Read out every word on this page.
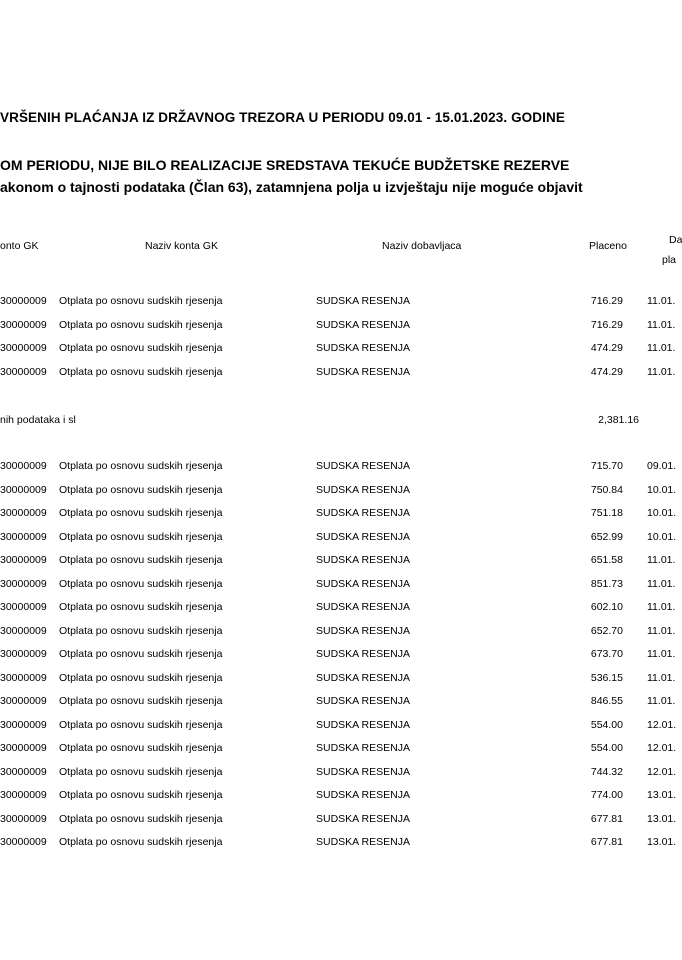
VRŠENIH PLAĆANJA IZ DRŽAVNOG TREZORA U PERIODU 09.01 - 15.01.2023. GODINE
OM PERIODU, NIJE BILO REALIZACIJE SREDSTAVA TEKUĆE BUDŽETSKE REZERVE
akonom o tajnosti podataka (Član 63), zatamnjena polja u izvještaju nije moguće objavit
onto GK	Naziv konta GK	Naziv dobavljaca	Placeno	Da
pla
30000009 Otplata po osnovu sudskih rjesenja	SUDSKA RESENJA	716.29 11.01.
30000009 Otplata po osnovu sudskih rjesenja	SUDSKA RESENJA	716.29 11.01.
30000009 Otplata po osnovu sudskih rjesenja	SUDSKA RESENJA	474.29 11.01.
30000009 Otplata po osnovu sudskih rjesenja	SUDSKA RESENJA	474.29 11.01.
nih podataka i sl	2,381.16
30000009 Otplata po osnovu sudskih rjesenja	SUDSKA RESENJA	715.70 09.01.
30000009 Otplata po osnovu sudskih rjesenja	SUDSKA RESENJA	750.84 10.01.
30000009 Otplata po osnovu sudskih rjesenja	SUDSKA RESENJA	751.18 10.01.
30000009 Otplata po osnovu sudskih rjesenja	SUDSKA RESENJA	652.99 10.01.
30000009 Otplata po osnovu sudskih rjesenja	SUDSKA RESENJA	651.58 11.01.
30000009 Otplata po osnovu sudskih rjesenja	SUDSKA RESENJA	851.73 11.01.
30000009 Otplata po osnovu sudskih rjesenja	SUDSKA RESENJA	602.10 11.01.
30000009 Otplata po osnovu sudskih rjesenja	SUDSKA RESENJA	652.70 11.01.
30000009 Otplata po osnovu sudskih rjesenja	SUDSKA RESENJA	673.70 11.01.
30000009 Otplata po osnovu sudskih rjesenja	SUDSKA RESENJA	536.15 11.01.
30000009 Otplata po osnovu sudskih rjesenja	SUDSKA RESENJA	846.55 11.01.
30000009 Otplata po osnovu sudskih rjesenja	SUDSKA RESENJA	554.00 12.01.
30000009 Otplata po osnovu sudskih rjesenja	SUDSKA RESENJA	554.00 12.01.
30000009 Otplata po osnovu sudskih rjesenja	SUDSKA RESENJA	744.32 12.01.
30000009 Otplata po osnovu sudskih rjesenja	SUDSKA RESENJA	774.00 13.01.
30000009 Otplata po osnovu sudskih rjesenja	SUDSKA RESENJA	677.81 13.01.
30000009 Otplata po osnovu sudskih rjesenja	SUDSKA RESENJA	677.81 13.01.
